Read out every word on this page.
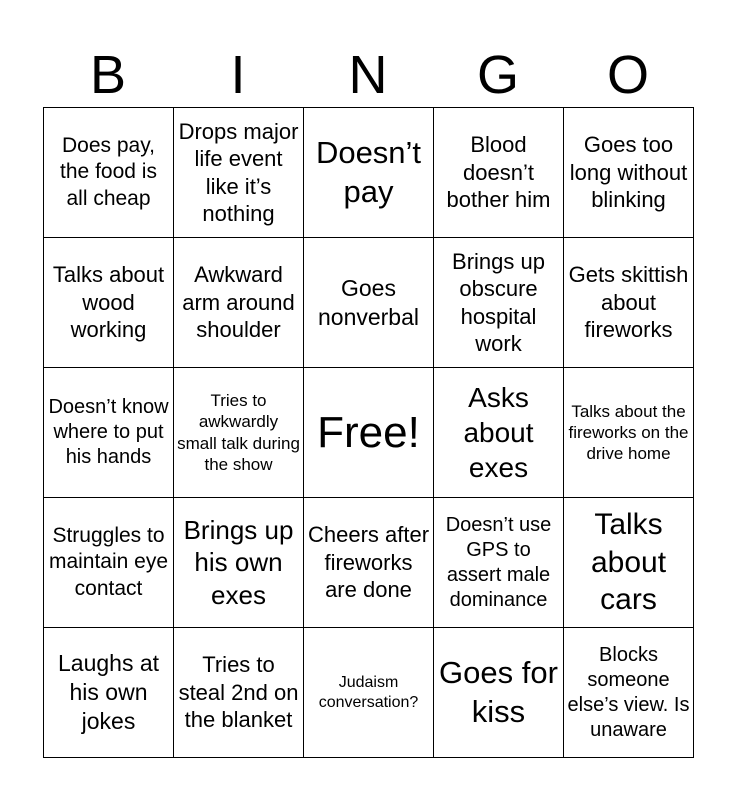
B	I	N	G	O
Does pay, the food is all cheap	Drops major life event like it’s nothing	Doesn’t pay	Blood doesn’t bother him	Goes too long without blinking
Talks about wood working	Awkward arm around shoulder	Goes nonverbal	Brings up obscure hospital work	Gets skittish about fireworks
Doesn’t know where to put his hands	Tries to awkwardly small talk during the show	Free!	Asks about exes	Talks about the fireworks on the drive home
Struggles to maintain eye contact	Brings up his own exes	Cheers after fireworks are done	Doesn’t use GPS to assert male dominance	Talks about cars
Laughs at his own jokes	Tries to steal 2nd on the blanket	Judaism conversation?	Goes for kiss	Blocks someone else’s view. Is unaware
